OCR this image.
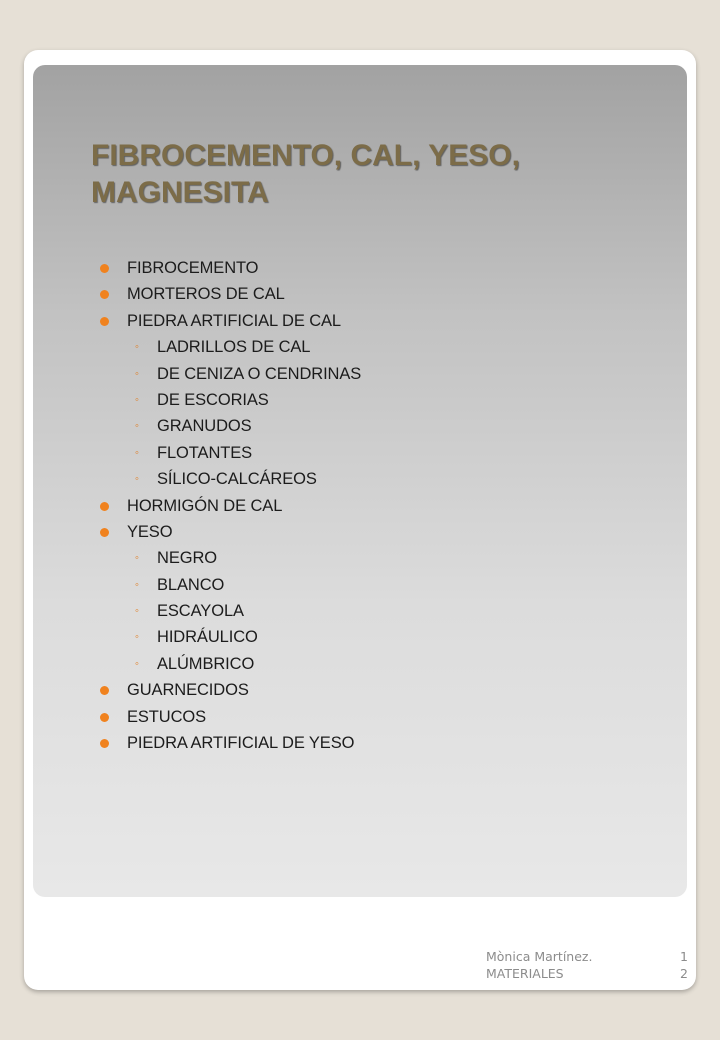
FIBROCEMENTO, CAL, YESO, MAGNESITA
FIBROCEMENTO
MORTEROS DE CAL
PIEDRA ARTIFICIAL DE CAL
◦ LADRILLOS DE CAL
◦ DE CENIZA O CENDRINAS
◦ DE ESCORIAS
◦ GRANUDOS
◦ FLOTANTES
◦ SÍLICO-CALCÁREOS
HORMIGÓN DE CAL
YESO
◦ NEGRO
◦ BLANCO
◦ ESCAYOLA
◦ HIDRÁULICO
◦ ALÚMBRICO
GUARNECIDOS
ESTUCOS
PIEDRA ARTIFICIAL DE YESO

Mònica Martínez.
MATERIALES

1
2
